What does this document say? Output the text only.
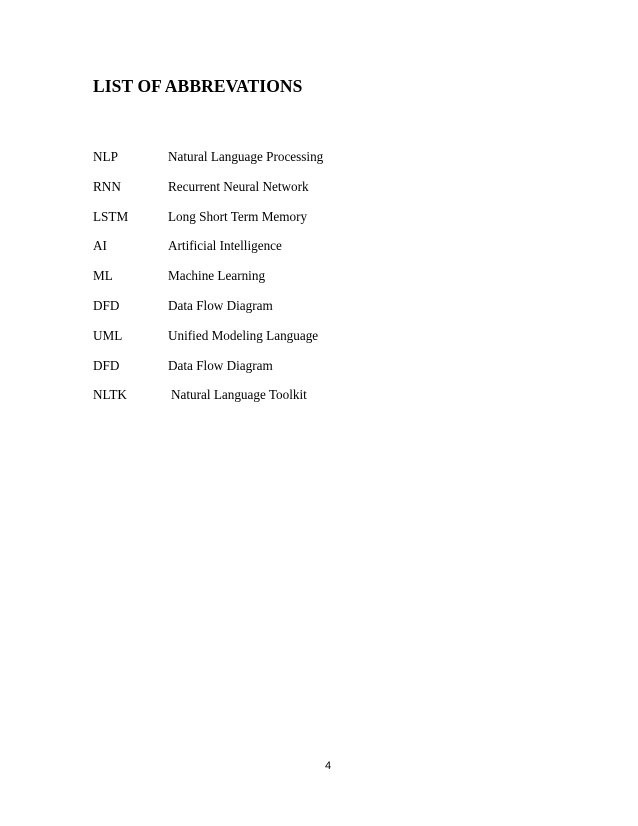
LIST OF ABBREVATIONS
NLP	Natural Language Processing
RNN	Recurrent Neural Network
LSTM	Long Short Term Memory
AI	Artificial Intelligence
ML	Machine Learning
DFD	Data Flow Diagram
UML	Unified Modeling Language
DFD	Data Flow Diagram
NLTK	Natural Language Toolkit
4
